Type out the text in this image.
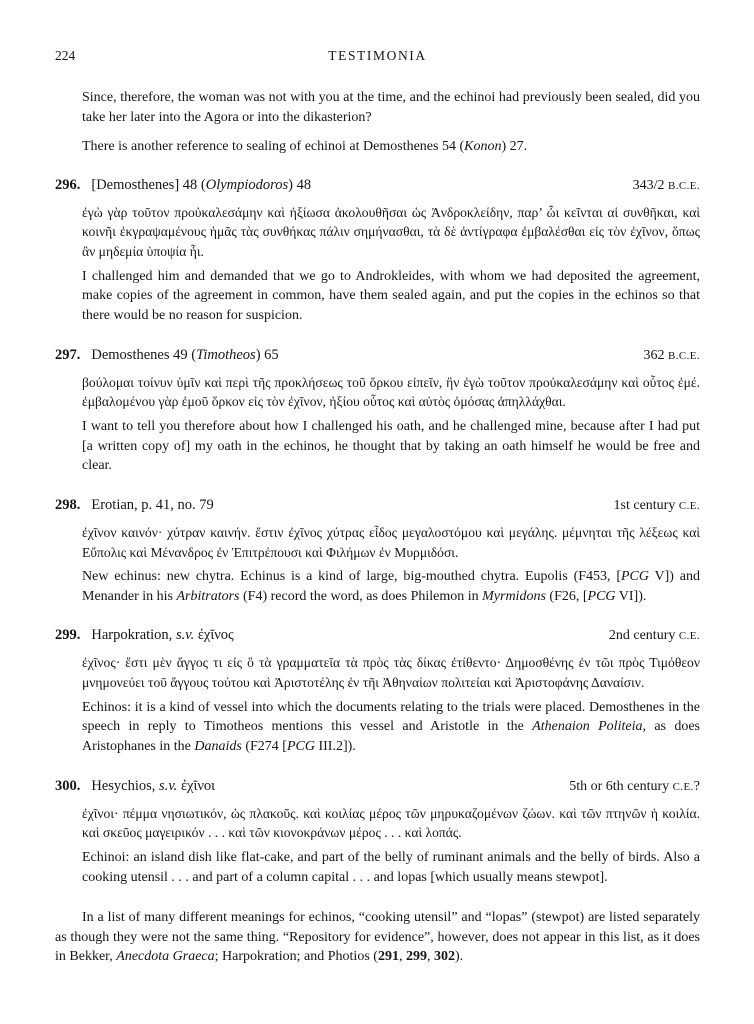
224	TESTIMONIA

Since, therefore, the woman was not with you at the time, and the echinoi had previously been sealed, did you take her later into the Agora or into the dikasterion?

There is another reference to sealing of echinoi at Demosthenes 54 (Konon) 27.

296. [Demosthenes] 48 (Olympiodoros) 48	343/2 B.C.E.

ἐγὼ γὰρ τοῦτον προὐκαλεσάμην καὶ ἠξίωσα ἀκολουθῆσαι ὡς Ἀνδροκλείδην, παρ’ ὧι κεῖνται αἱ συνθῆκαι, καὶ κοινῆι ἐκγραψαμένους ἡμᾶς τὰς συνθήκας πάλιν σημήνασθαι, τὰ δὲ ἀντίγραφα ἐμβαλέσθαι εἰς τὸν ἐχῖνον, ὅπως ἂν μηδεμία ὑποψία ἦι.

I challenged him and demanded that we go to Androkleides, with whom we had deposited the agreement, make copies of the agreement in common, have them sealed again, and put the copies in the echinos so that there would be no reason for suspicion.

297. Demosthenes 49 (Timotheos) 65	362 B.C.E.

βούλομαι τοίνυν ὑμῖν καὶ περὶ τῆς προκλήσεως τοῦ ὅρκου εἰπεῖν, ἣν ἐγὼ τοῦτον προὐκαλεσάμην καὶ οὗτος ἐμέ. ἐμβαλομένου γὰρ ἐμοῦ ὅρκον εἰς τὸν ἐχῖνον, ἠξίου οὗτος καὶ αὐτὸς ὀμόσας ἀπηλλάχθαι.

I want to tell you therefore about how I challenged his oath, and he challenged mine, because after I had put [a written copy of] my oath in the echinos, he thought that by taking an oath himself he would be free and clear.

298. Erotian, p. 41, no. 79	1st century C.E.

ἐχῖνον καινόν· χύτραν καινήν. ἔστιν ἐχῖνος χύτρας εἶδος μεγαλοστόμου καὶ μεγάλης. μέμνηται τῆς λέξεως καὶ Εὔπολις καὶ Μένανδρος ἐν Ἐπιτρέπουσι καὶ Φιλήμων ἐν Μυρμιδόσι.

New echinus: new chytra. Echinus is a kind of large, big-mouthed chytra. Eupolis (F453, [PCG V]) and Menander in his Arbitrators (F4) record the word, as does Philemon in Myrmidons (F26, [PCG VI]).

299. Harpokration, s.v. ἐχῖνος	2nd century C.E.

ἐχῖνος· ἔστι μὲν ἄγγος τι εἰς ὃ τὰ γραμματεῖα τὰ πρὸς τὰς δίκας ἐτίθεντο· Δημοσθένης ἐν τῶι πρὸς Τιμόθεον μνημονεύει τοῦ ἄγγους τούτου καὶ Ἀριστοτέλης ἐν τῆι Ἀθηναίων πολιτείαι καὶ Ἀριστοφάνης Δαναίσιν.

Echinos: it is a kind of vessel into which the documents relating to the trials were placed. Demosthenes in the speech in reply to Timotheos mentions this vessel and Aristotle in the Athenaion Politeia, as does Aristophanes in the Danaids (F274 [PCG III.2]).

300. Hesychios, s.v. ἐχῖνοι	5th or 6th century C.E.?

ἐχῖνοι· πέμμα νησιωτικόν, ὡς πλακοῦς. καὶ κοιλίας μέρος τῶν μηρυκαζομένων ζώων. καὶ τῶν πτηνῶν ἡ κοιλία. καὶ σκεῦος μαγειρικόν . . . καὶ τῶν κιονοκράνων μέρος . . . καὶ λοπάς.

Echinoi: an island dish like flat-cake, and part of the belly of ruminant animals and the belly of birds. Also a cooking utensil . . . and part of a column capital . . . and lopas [which usually means stewpot].

In a list of many different meanings for echinos, “cooking utensil” and “lopas” (stewpot) are listed separately as though they were not the same thing. “Repository for evidence”, however, does not appear in this list, as it does in Bekker, Anecdota Graeca; Harpokration; and Photios (291, 299, 302).
